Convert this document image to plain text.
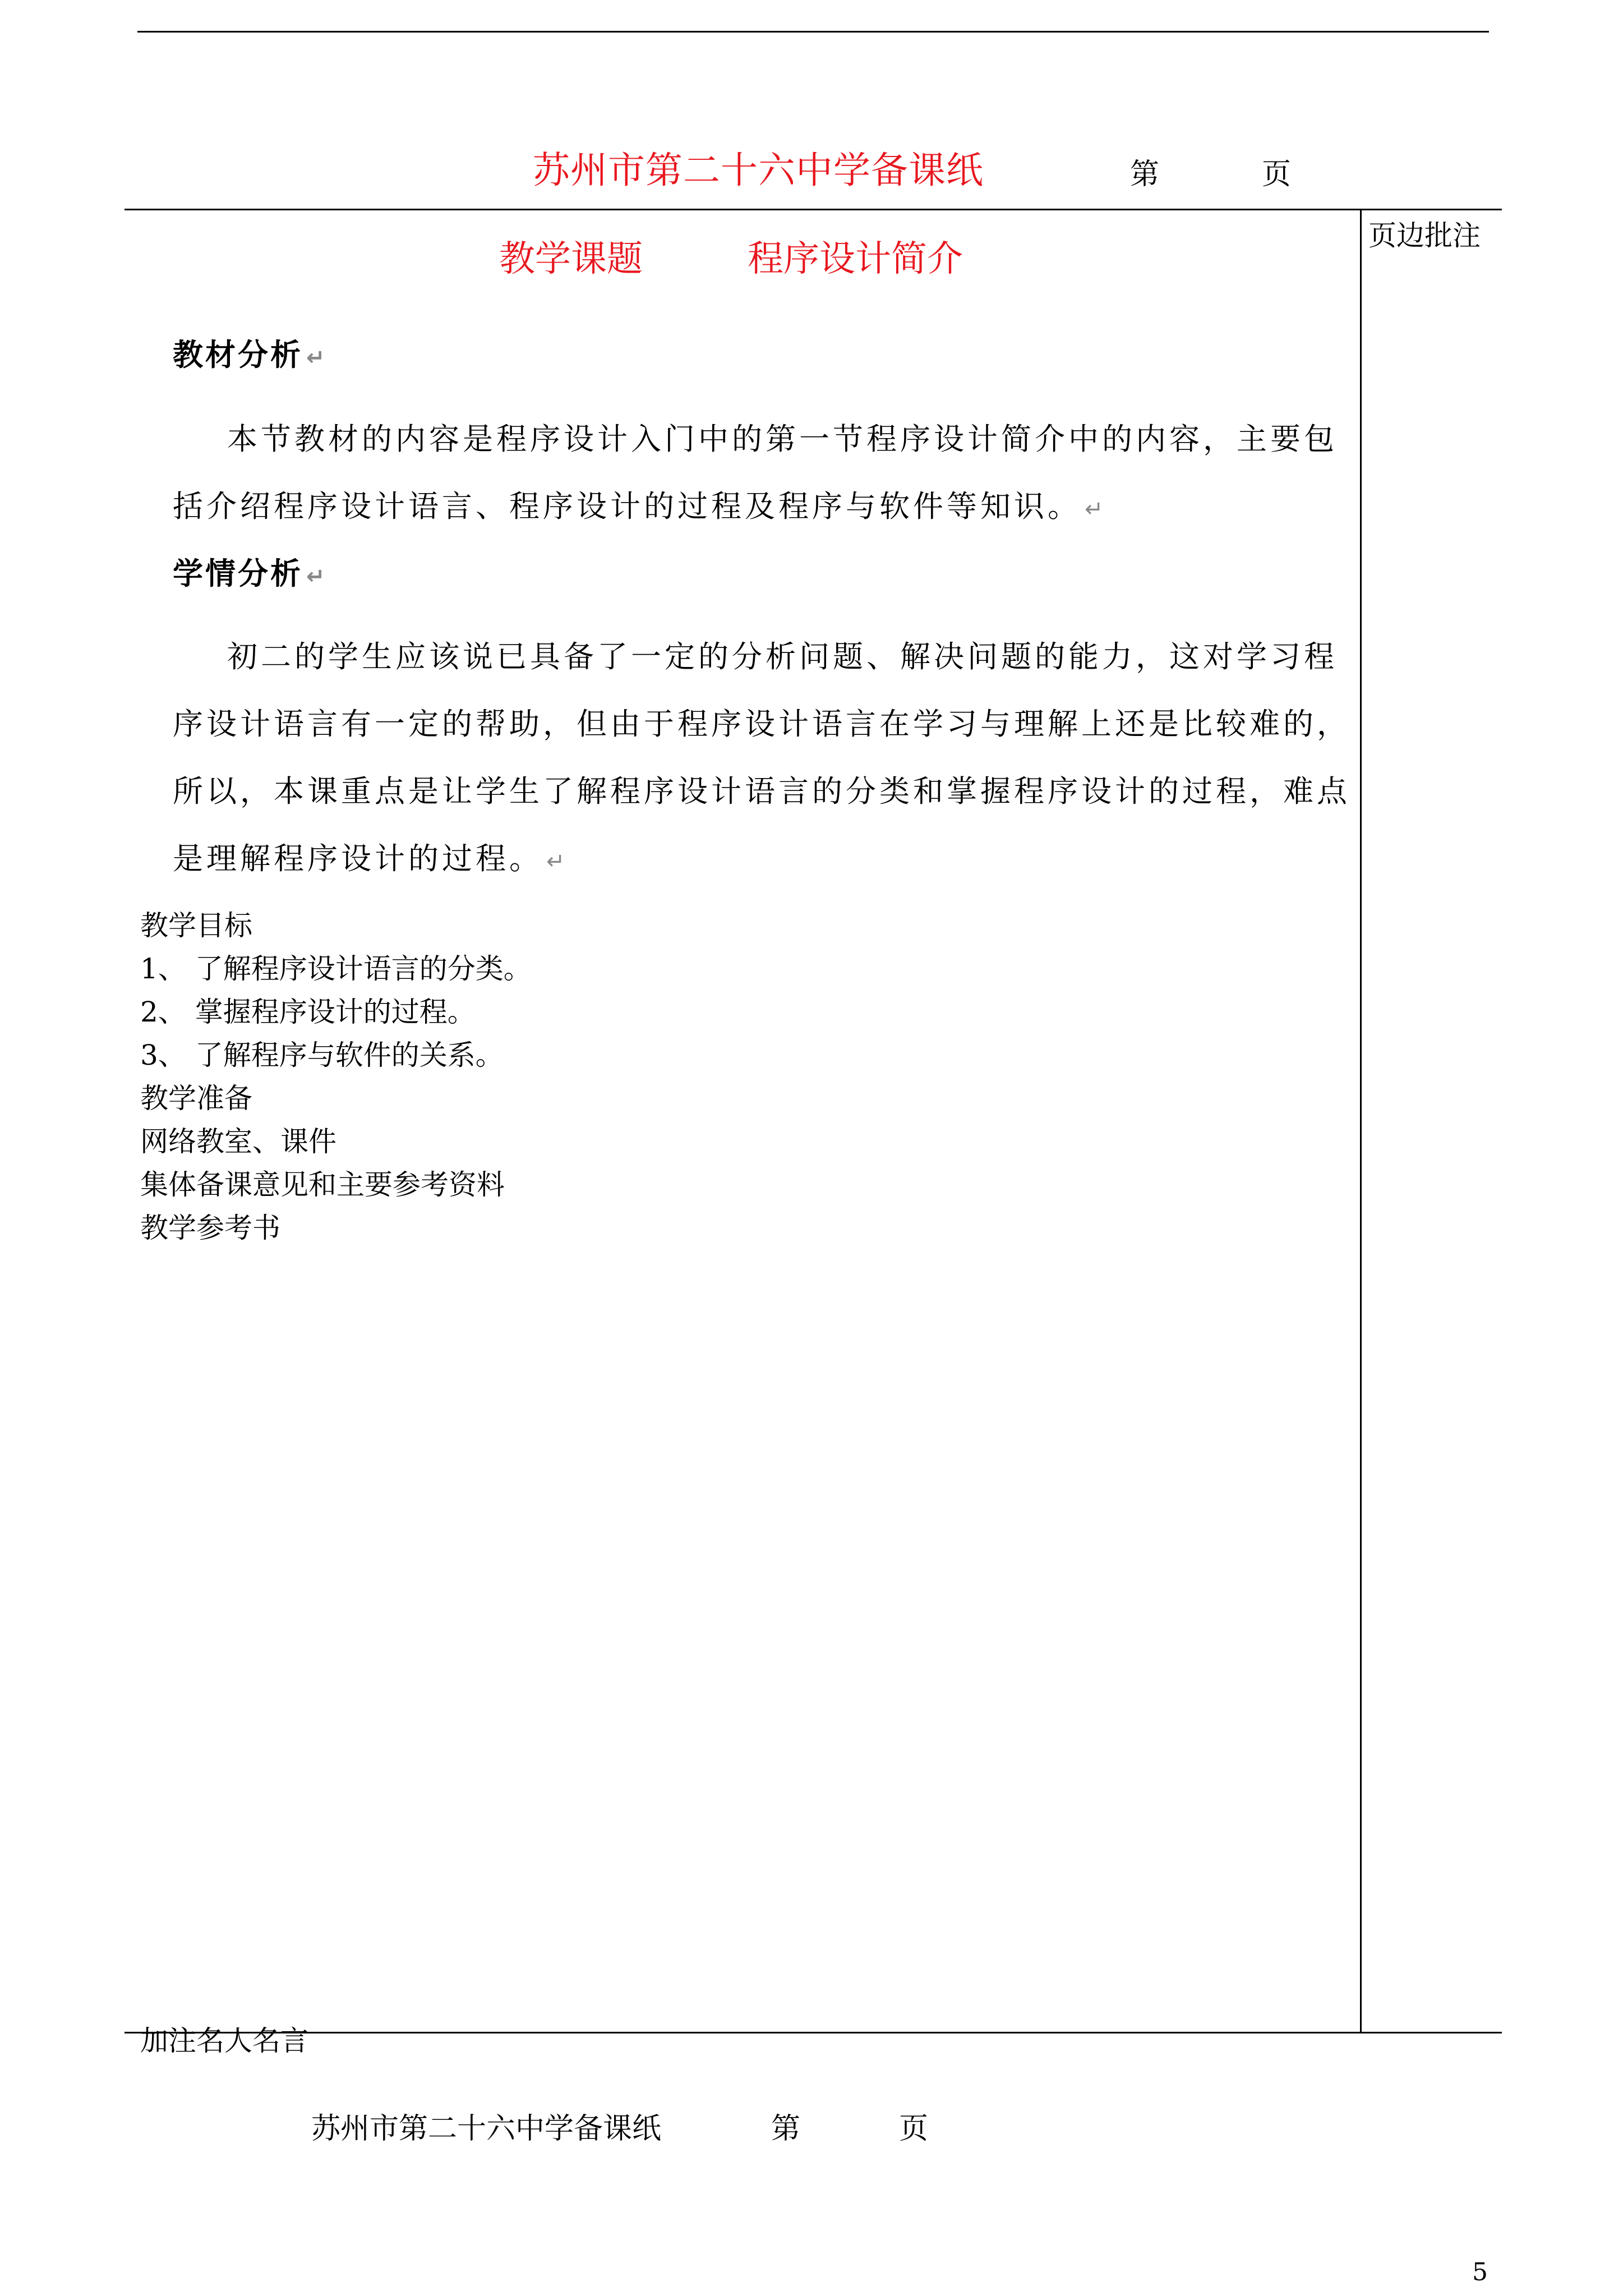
苏州市第二十六中学备课纸	第	页
页边批注
教学课题	程序设计简介
教材分析 ↵
本节教材的内容是程序设计入门中的第一节程序设计简介中的内容，主要包
括介绍程序设计语言、程序设计的过程及程序与软件等知识。 ↵
学情分析 ↵
初二的学生应该说已具备了一定的分析问题、解决问题的能力，这对学习程
序设计语言有一定的帮助，但由于程序设计语言在学习与理解上还是比较难的，
所以，本课重点是让学生了解程序设计语言的分类和掌握程序设计的过程，难点
是理解程序设计的过程。 ↵
教学目标
1、 了解程序设计语言的分类。
2、 掌握程序设计的过程。
3、 了解程序与软件的关系。
教学准备
网络教室、课件
集体备课意见和主要参考资料
教学参考书
加注名人名言
苏州市第二十六中学备课纸	第	页
5
